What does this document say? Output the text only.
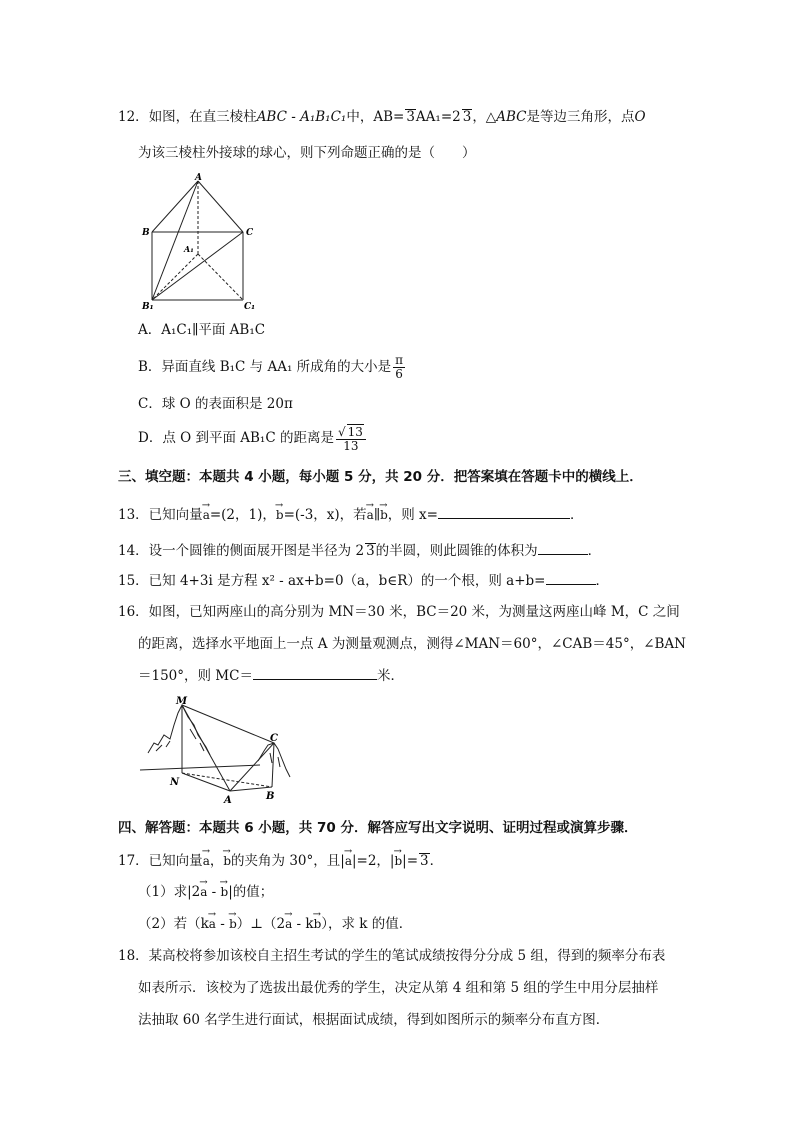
12．如图，在直三棱柱ABC - A₁B₁C₁中，AB= 3AA₁=2 3，△ABC是等边三角形，点O
为该三棱柱外接球的球心，则下列命题正确的是（　　）
A
B	C
A₁
B₁	C₁
A．A₁C₁∥平面 AB₁C
B．异面直线 B₁C 与 AA₁ 所成角的大小是 $\frac{\pi}{6}$
C．球 O 的表面积是 20π
D．点 O 到平面 AB₁C 的距离是 $\frac{√ 13}{13}$
三、填空题：本题共 4 小题，每小题 5 分，共 20 分．把答案填在答题卡中的横线上．
13．已知向量→ a=(2，1)，→ b=(-3，x)，若→ a∥→ b，则 x=	．
14．设一个圆锥的侧面展开图是半径为 2 3的半圆，则此圆锥的体积为	．
15．已知 4+3i 是方程 x² - ax+b=0（a，b∈R）的一个根，则 a+b=	．
16．如图，已知两座山的高分别为 MN＝30 米，BC＝20 米，为测量这两座山峰 M，C 之间
的距离，选择水平地面上一点 A 为测量观测点，测得∠MAN＝60°，∠CAB＝45°，∠BAN
＝150°，则 MC＝	米．
M
N
A	B
C
四、解答题：本题共 6 小题，共 70 分．解答应写出文字说明、证明过程或演算步骤．
17．已知向量→ a，→ b的夹角为 30°，且|→ a|=2，|→ b|= 3．
（1）求|2→ a - → b|的值；
（2）若（k→ a - → b）⊥（2→ a - k→ b），求 k 的值．
18．某高校将参加该校自主招生考试的学生的笔试成绩按得分分成 5 组，得到的频率分布表
如表所示．该校为了选拔出最优秀的学生，决定从第 4 组和第 5 组的学生中用分层抽样
法抽取 60 名学生进行面试，根据面试成绩，得到如图所示的频率分布直方图．
